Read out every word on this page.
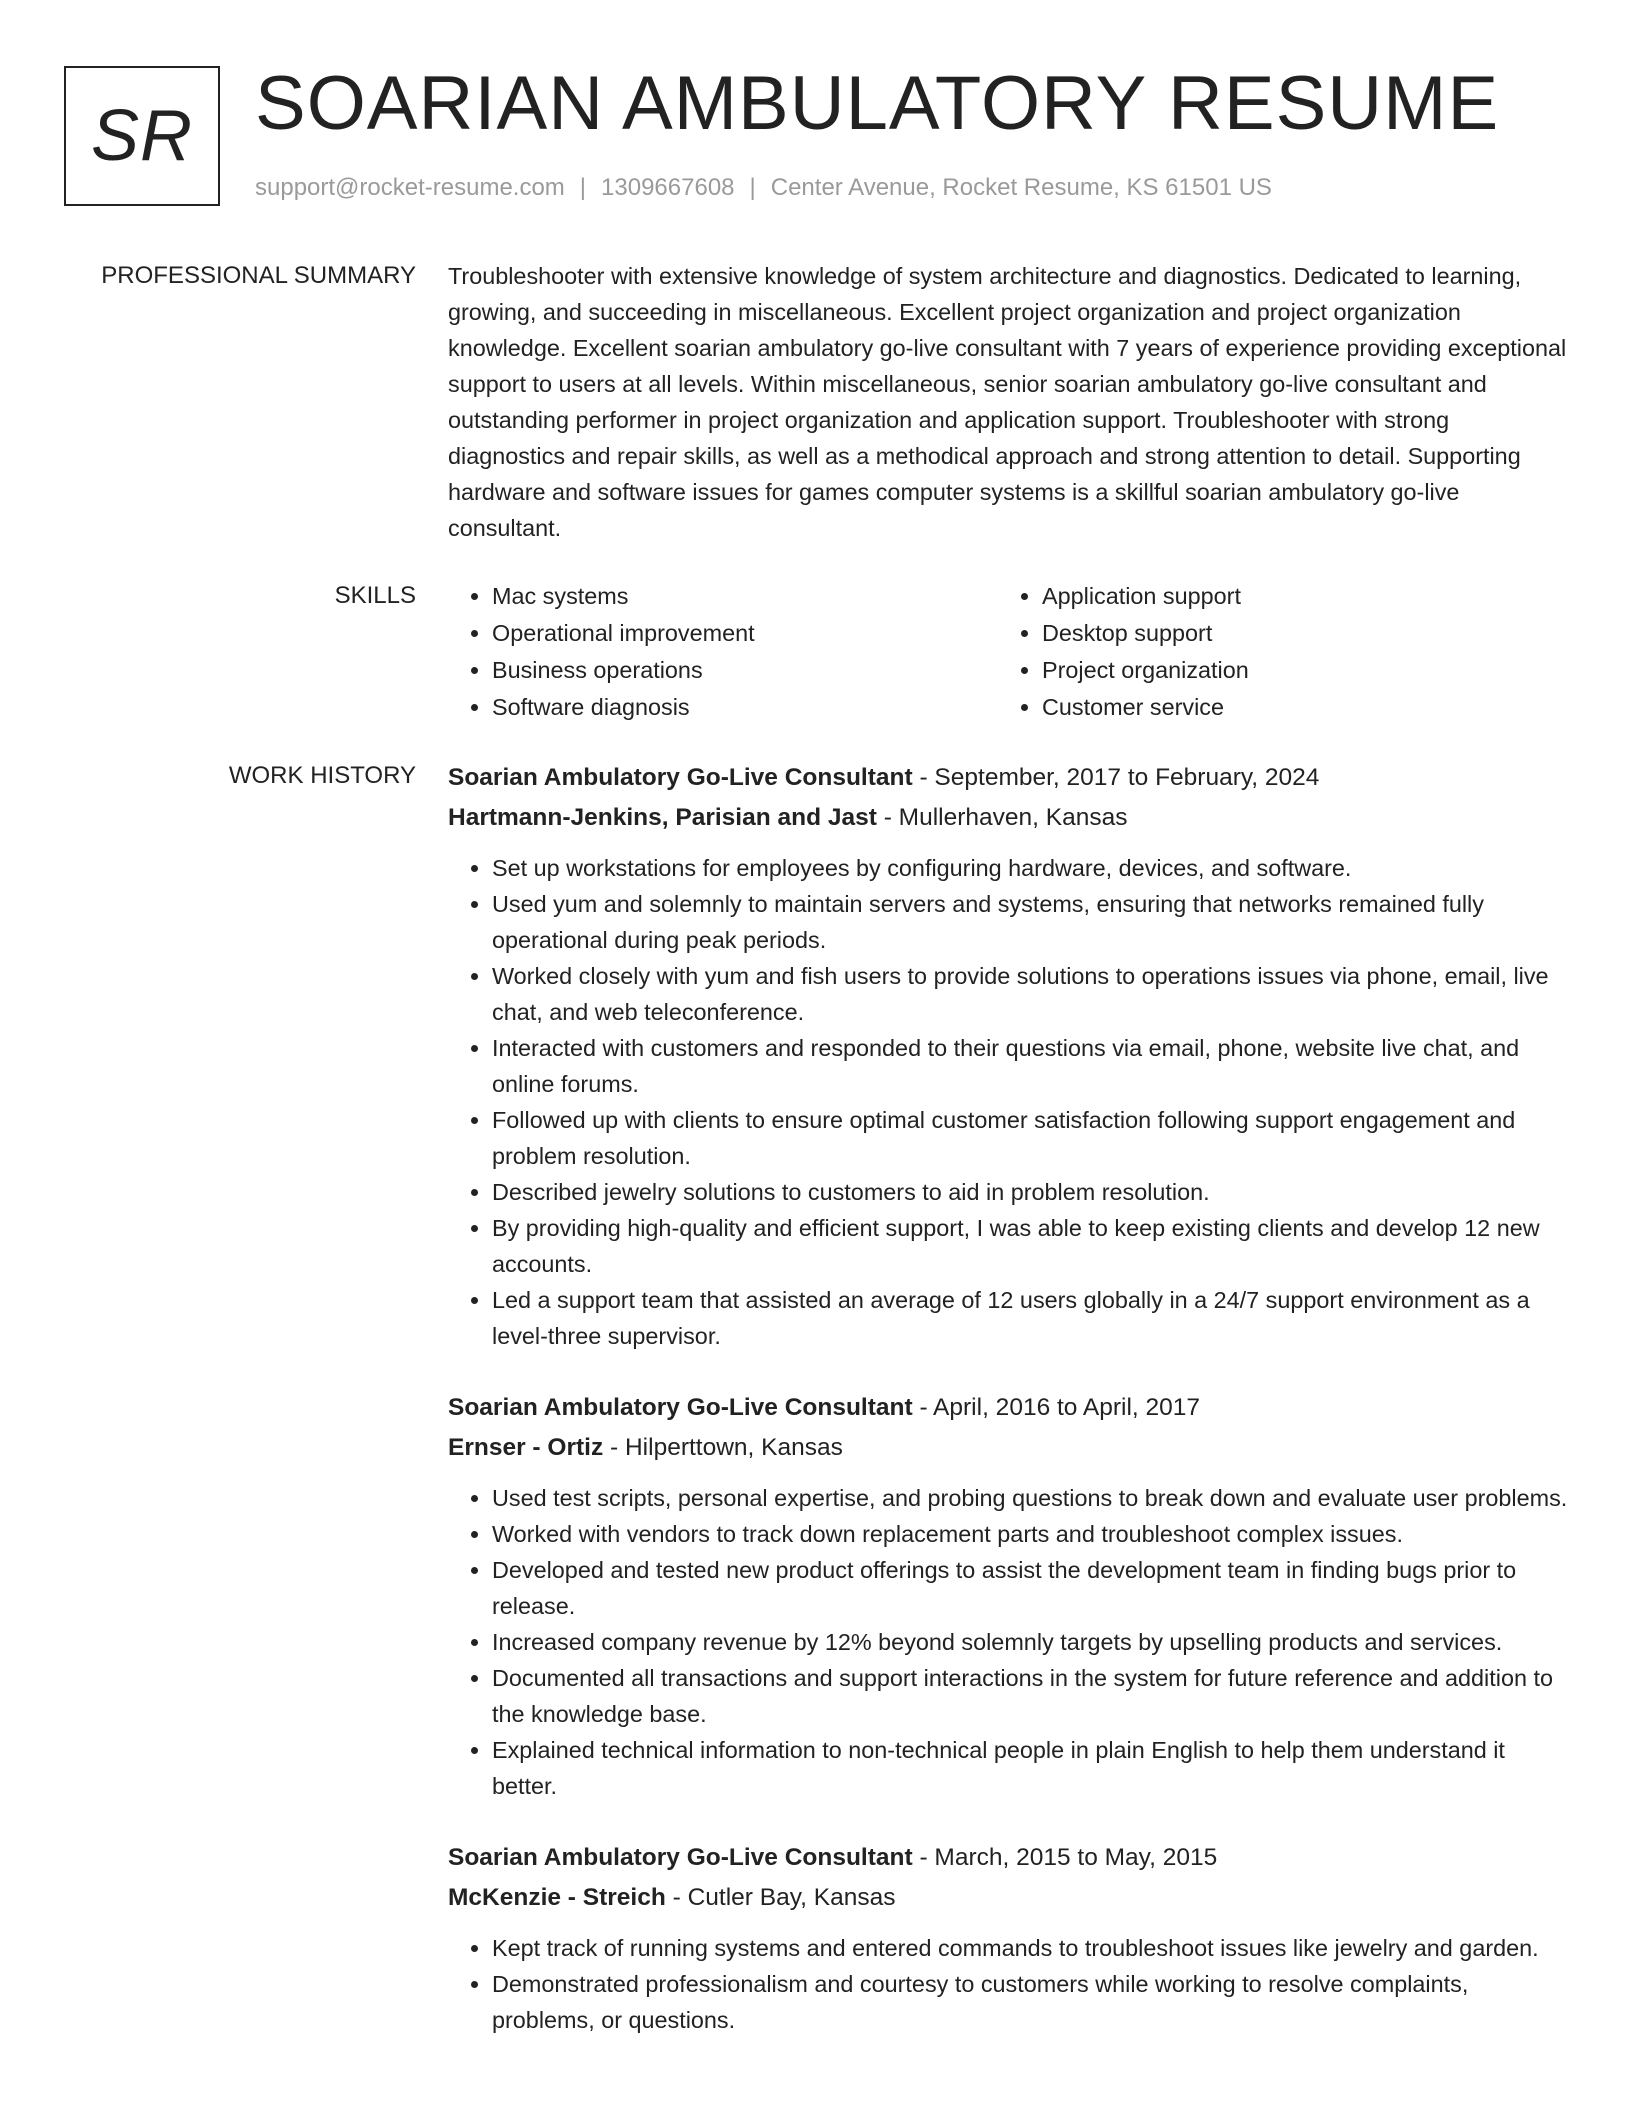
SR SOARIAN AMBULATORY RESUME
support@rocket-resume.com | 1309667608 | Center Avenue, Rocket Resume, KS 61501 US
PROFESSIONAL SUMMARY Troubleshooter with extensive knowledge of system architecture and diagnostics. Dedicated to learning, growing, and succeeding in miscellaneous. Excellent project organization and project organization knowledge. Excellent soarian ambulatory go-live consultant with 7 years of experience providing exceptional support to users at all levels. Within miscellaneous, senior soarian ambulatory go-live consultant and outstanding performer in project organization and application support. Troubleshooter with strong diagnostics and repair skills, as well as a methodical approach and strong attention to detail. Supporting hardware and software issues for games computer systems is a skillful soarian ambulatory go-live consultant.
SKILLS
•	Mac systems
• Operational improvement
• Business operations
• Software diagnosis
• Application support
• Desktop support
• Project organization
• Customer service
WORK HISTORY Soarian Ambulatory Go-Live Consultant - September, 2017 to February, 2024
Hartmann-Jenkins, Parisian and Jast - Mullerhaven, Kansas
• Set up workstations for employees by configuring hardware, devices, and software.
• Used yum and solemnly to maintain servers and systems, ensuring that networks remained fully operational during peak periods.
• Worked closely with yum and fish users to provide solutions to operations issues via phone, email, live chat, and web teleconference.
• Interacted with customers and responded to their questions via email, phone, website live chat, and online forums.
• Followed up with clients to ensure optimal customer satisfaction following support engagement and problem resolution.
• Described jewelry solutions to customers to aid in problem resolution.
• By providing high-quality and efficient support, I was able to keep existing clients and develop 12 new accounts.
• Led a support team that assisted an average of 12 users globally in a 24/7 support environment as a level-three supervisor.
Soarian Ambulatory Go-Live Consultant - April, 2016 to April, 2017
Ernser - Ortiz - Hilperttown, Kansas
• Used test scripts, personal expertise, and probing questions to break down and evaluate user problems.
• Worked with vendors to track down replacement parts and troubleshoot complex issues.
• Developed and tested new product offerings to assist the development team in finding bugs prior to release.
• Increased company revenue by 12% beyond solemnly targets by upselling products and services.
• Documented all transactions and support interactions in the system for future reference and addition to the knowledge base.
• Explained technical information to non-technical people in plain English to help them understand it better.
Soarian Ambulatory Go-Live Consultant - March, 2015 to May, 2015
McKenzie - Streich - Cutler Bay, Kansas
• Kept track of running systems and entered commands to troubleshoot issues like jewelry and garden.
• Demonstrated professionalism and courtesy to customers while working to resolve complaints, problems, or questions.
